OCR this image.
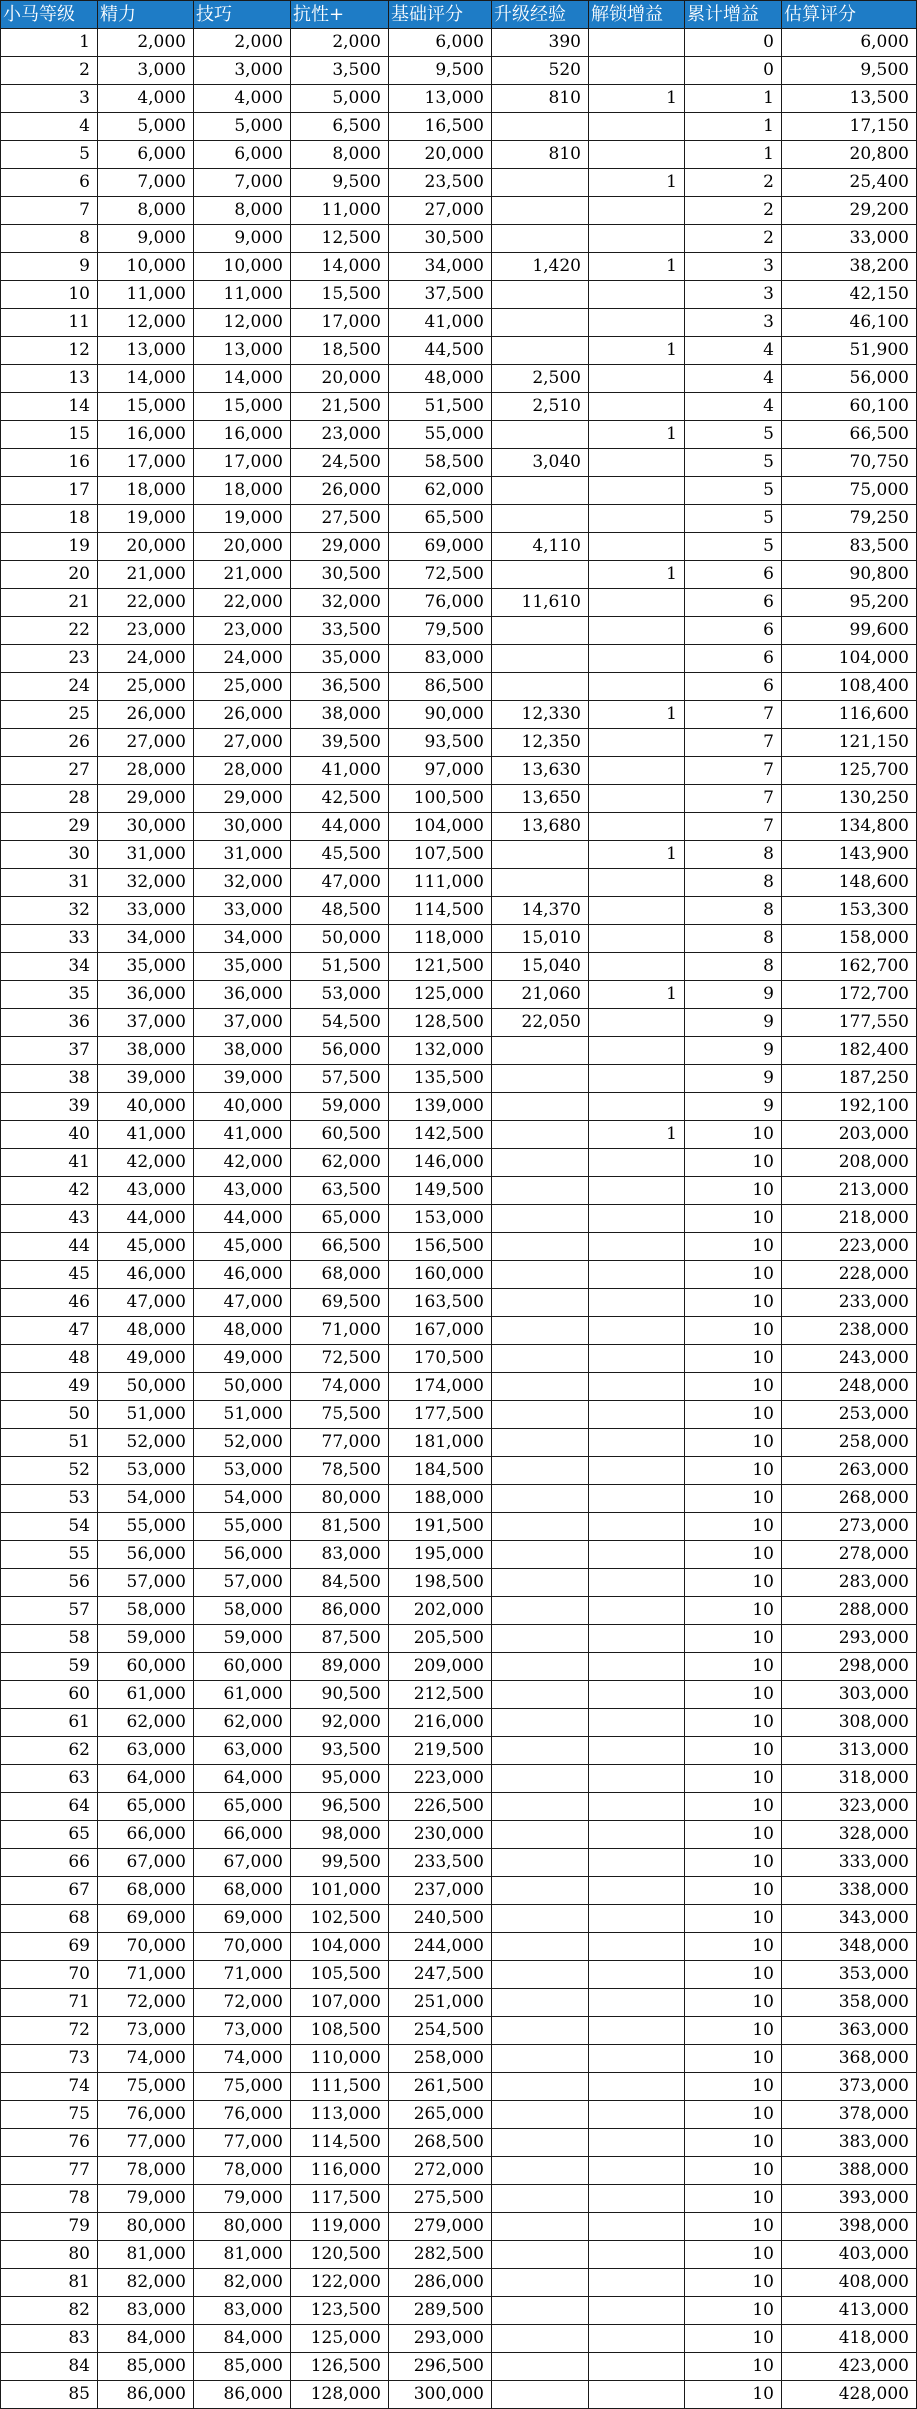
小马等级	精力	技巧	抗性+	基础评分	升级经验	解锁增益	累计增益	估算评分
1	2,000	2,000	2,000	6,000	390		0	6,000
2	3,000	3,000	3,500	9,500	520		0	9,500
3	4,000	4,000	5,000	13,000	810	1	1	13,500
4	5,000	5,000	6,500	16,500			1	17,150
5	6,000	6,000	8,000	20,000	810		1	20,800
6	7,000	7,000	9,500	23,500		1	2	25,400
7	8,000	8,000	11,000	27,000			2	29,200
8	9,000	9,000	12,500	30,500			2	33,000
9	10,000	10,000	14,000	34,000	1,420	1	3	38,200
10	11,000	11,000	15,500	37,500			3	42,150
11	12,000	12,000	17,000	41,000			3	46,100
12	13,000	13,000	18,500	44,500		1	4	51,900
13	14,000	14,000	20,000	48,000	2,500		4	56,000
14	15,000	15,000	21,500	51,500	2,510		4	60,100
15	16,000	16,000	23,000	55,000		1	5	66,500
16	17,000	17,000	24,500	58,500	3,040		5	70,750
17	18,000	18,000	26,000	62,000			5	75,000
18	19,000	19,000	27,500	65,500			5	79,250
19	20,000	20,000	29,000	69,000	4,110		5	83,500
20	21,000	21,000	30,500	72,500		1	6	90,800
21	22,000	22,000	32,000	76,000	11,610		6	95,200
22	23,000	23,000	33,500	79,500			6	99,600
23	24,000	24,000	35,000	83,000			6	104,000
24	25,000	25,000	36,500	86,500			6	108,400
25	26,000	26,000	38,000	90,000	12,330	1	7	116,600
26	27,000	27,000	39,500	93,500	12,350		7	121,150
27	28,000	28,000	41,000	97,000	13,630		7	125,700
28	29,000	29,000	42,500	100,500	13,650		7	130,250
29	30,000	30,000	44,000	104,000	13,680		7	134,800
30	31,000	31,000	45,500	107,500		1	8	143,900
31	32,000	32,000	47,000	111,000			8	148,600
32	33,000	33,000	48,500	114,500	14,370		8	153,300
33	34,000	34,000	50,000	118,000	15,010		8	158,000
34	35,000	35,000	51,500	121,500	15,040		8	162,700
35	36,000	36,000	53,000	125,000	21,060	1	9	172,700
36	37,000	37,000	54,500	128,500	22,050		9	177,550
37	38,000	38,000	56,000	132,000			9	182,400
38	39,000	39,000	57,500	135,500			9	187,250
39	40,000	40,000	59,000	139,000			9	192,100
40	41,000	41,000	60,500	142,500		1	10	203,000
41	42,000	42,000	62,000	146,000			10	208,000
42	43,000	43,000	63,500	149,500			10	213,000
43	44,000	44,000	65,000	153,000			10	218,000
44	45,000	45,000	66,500	156,500			10	223,000
45	46,000	46,000	68,000	160,000			10	228,000
46	47,000	47,000	69,500	163,500			10	233,000
47	48,000	48,000	71,000	167,000			10	238,000
48	49,000	49,000	72,500	170,500			10	243,000
49	50,000	50,000	74,000	174,000			10	248,000
50	51,000	51,000	75,500	177,500			10	253,000
51	52,000	52,000	77,000	181,000			10	258,000
52	53,000	53,000	78,500	184,500			10	263,000
53	54,000	54,000	80,000	188,000			10	268,000
54	55,000	55,000	81,500	191,500			10	273,000
55	56,000	56,000	83,000	195,000			10	278,000
56	57,000	57,000	84,500	198,500			10	283,000
57	58,000	58,000	86,000	202,000			10	288,000
58	59,000	59,000	87,500	205,500			10	293,000
59	60,000	60,000	89,000	209,000			10	298,000
60	61,000	61,000	90,500	212,500			10	303,000
61	62,000	62,000	92,000	216,000			10	308,000
62	63,000	63,000	93,500	219,500			10	313,000
63	64,000	64,000	95,000	223,000			10	318,000
64	65,000	65,000	96,500	226,500			10	323,000
65	66,000	66,000	98,000	230,000			10	328,000
66	67,000	67,000	99,500	233,500			10	333,000
67	68,000	68,000	101,000	237,000			10	338,000
68	69,000	69,000	102,500	240,500			10	343,000
69	70,000	70,000	104,000	244,000			10	348,000
70	71,000	71,000	105,500	247,500			10	353,000
71	72,000	72,000	107,000	251,000			10	358,000
72	73,000	73,000	108,500	254,500			10	363,000
73	74,000	74,000	110,000	258,000			10	368,000
74	75,000	75,000	111,500	261,500			10	373,000
75	76,000	76,000	113,000	265,000			10	378,000
76	77,000	77,000	114,500	268,500			10	383,000
77	78,000	78,000	116,000	272,000			10	388,000
78	79,000	79,000	117,500	275,500			10	393,000
79	80,000	80,000	119,000	279,000			10	398,000
80	81,000	81,000	120,500	282,500			10	403,000
81	82,000	82,000	122,000	286,000			10	408,000
82	83,000	83,000	123,500	289,500			10	413,000
83	84,000	84,000	125,000	293,000			10	418,000
84	85,000	85,000	126,500	296,500			10	423,000
85	86,000	86,000	128,000	300,000			10	428,000
